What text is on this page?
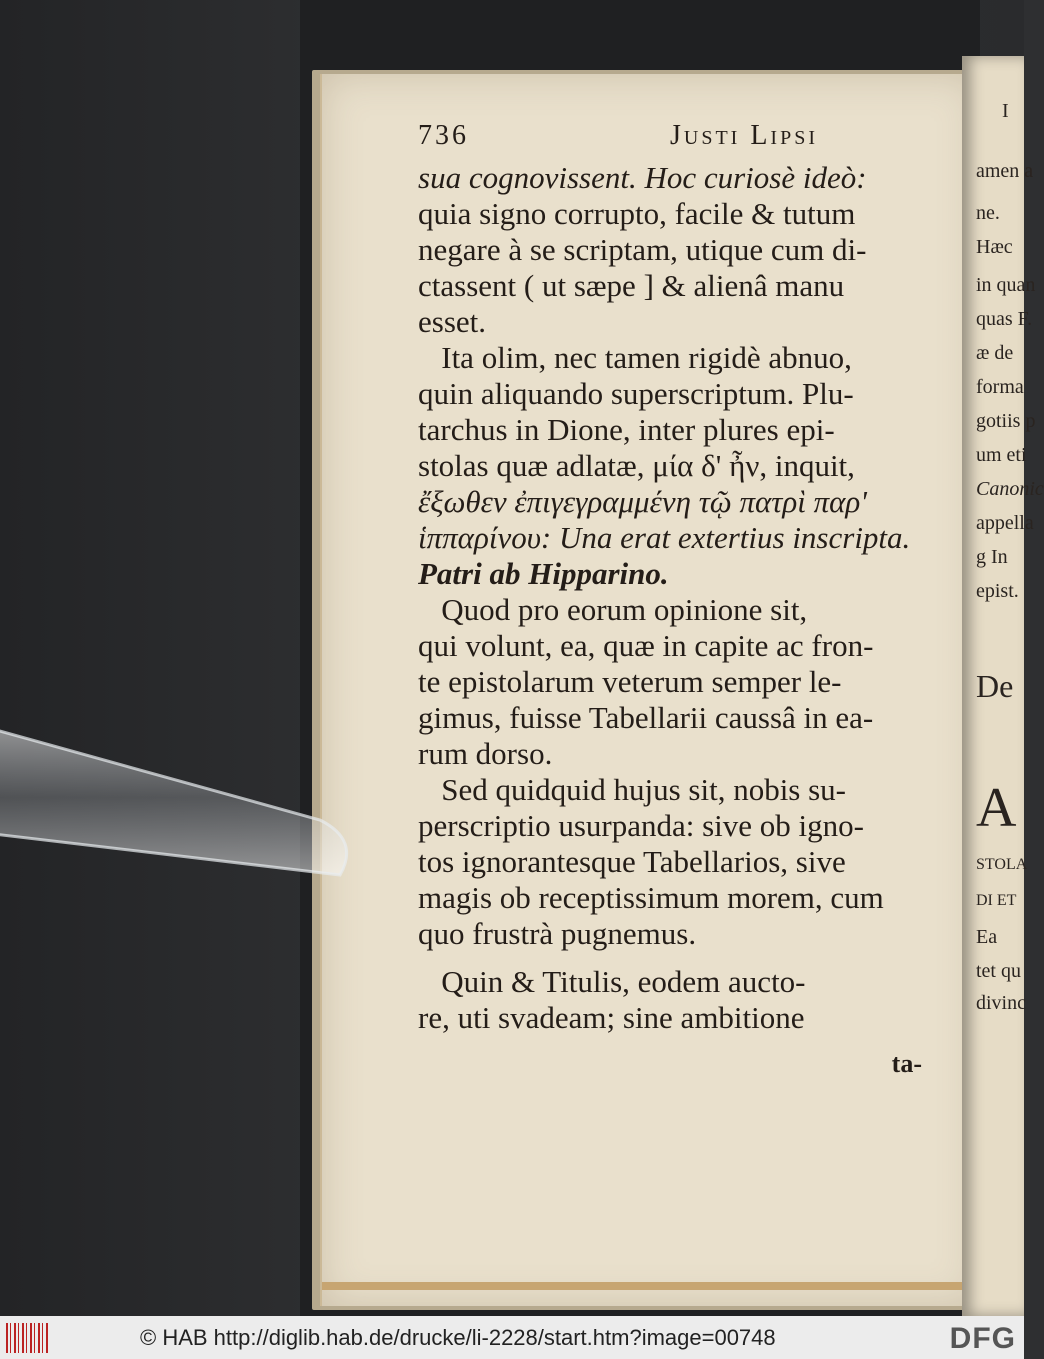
I
amen a
ne.
Hæc
in quan
quas F.
æ de
forma
gotiis p
um eti
Canonic
appella
g In
epist.
De
A
STOLA
DI ET
Ea
tet qu
divinc
736	Justi Lipsi
sua cognovissent. Hoc curiosè ideò:
quia signo corrupto, facile & tutum
negare à se scriptam, utique cum di-
ctassent ( ut sæpe ] & alienâ manu
esset.
Ita olim, nec tamen rigidè abnuo,
quin aliquando superscriptum. Plu-
tarchus in Dione, inter plures epi-
stolas quæ adlatæ, μία δ' ἦν, inquit,
ἔξωθεν ἐπιγεγραμμένη τῷ πατρὶ παρ'
ἱππαρίνου: Una erat extertius inscripta.
Patri ab Hipparino.
Quod pro eorum opinione sit,
qui volunt, ea, quæ in capite ac fron-
te epistolarum veterum semper le-
gimus, fuisse Tabellarii caussâ in ea-
rum dorso.
Sed quidquid hujus sit, nobis su-
perscriptio usurpanda: sive ob igno-
tos ignorantesque Tabellarios, sive
magis ob receptissimum morem, cum
quo frustrà pugnemus.
Quin & Titulis, eodem aucto-
re, uti svadeam; sine ambitione
ta-
© HAB http://diglib.hab.de/drucke/li-2228/start.htm?image=00748	DFG
